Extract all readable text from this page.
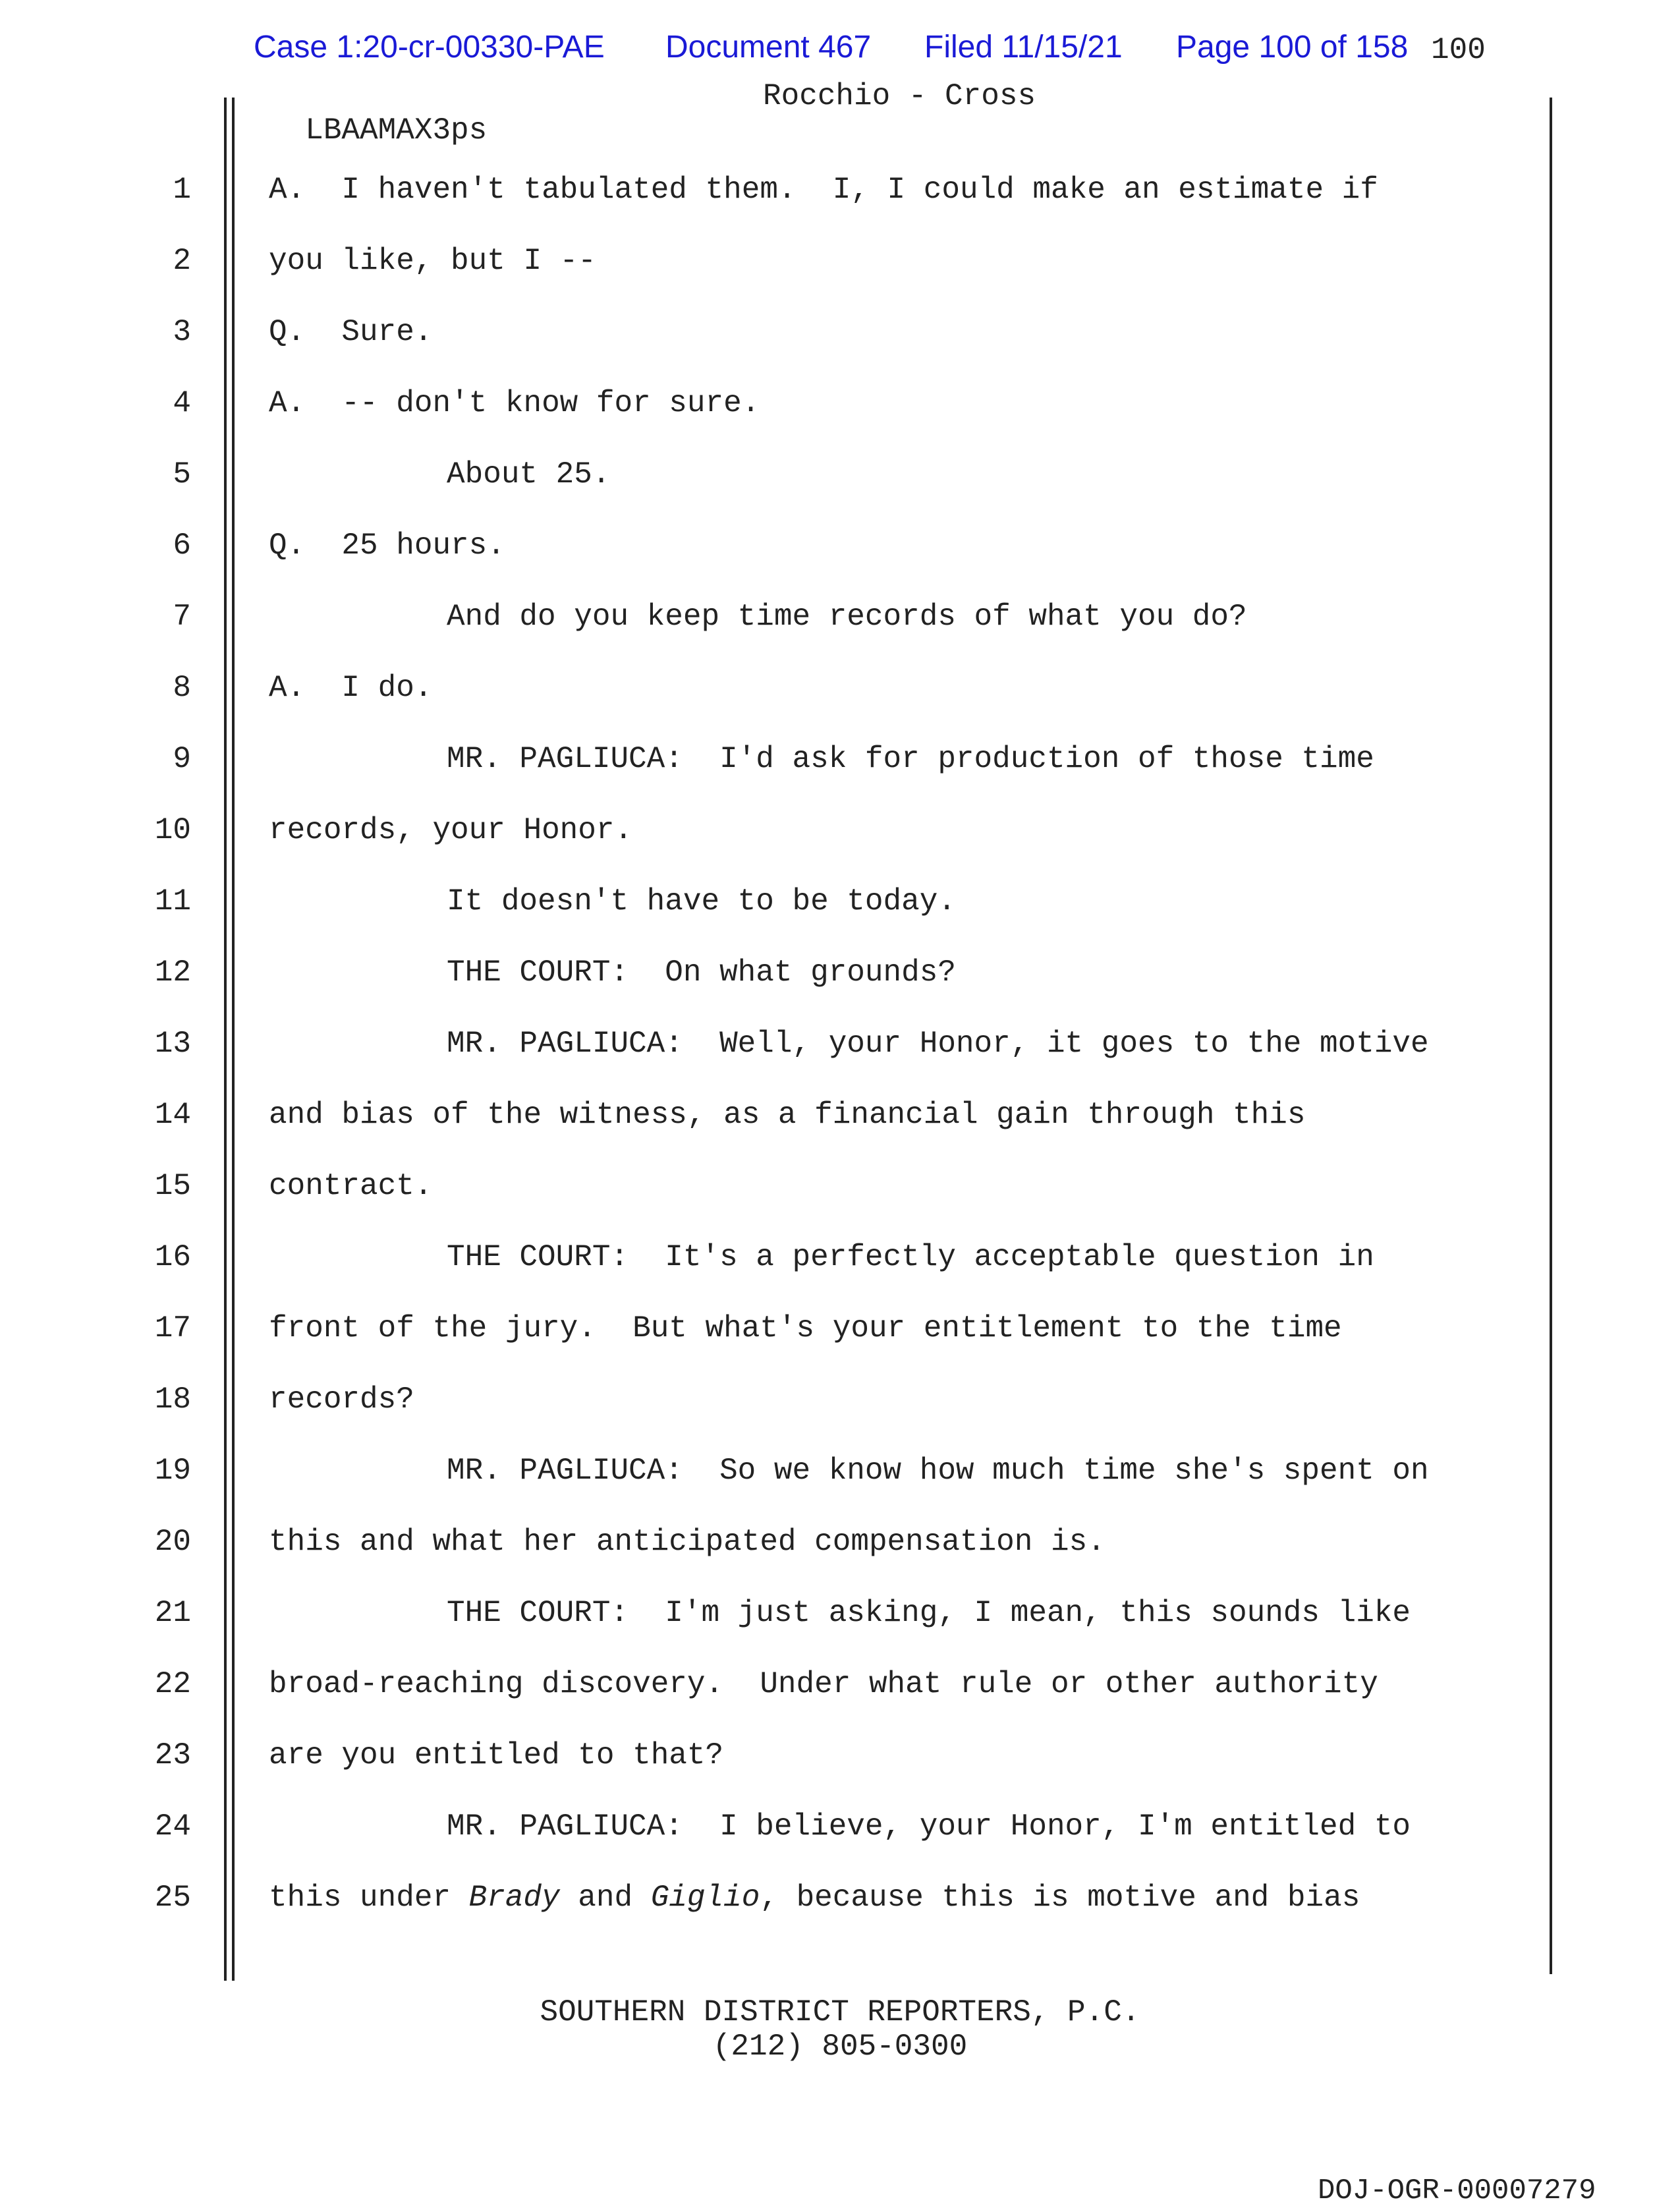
Case 1:20-cr-00330-PAE Document 467 Filed 11/15/21 Page 100 of 158 100

LBAAMAX3ps

Rocchio - Cross

1	A.  I haven't tabulated them.  I, I could make an estimate if
2	you like, but I --
3	Q.  Sure.
4	A.  -- don't know for sure.
5	About 25.
6	Q.  25 hours.
7	And do you keep time records of what you do?
8	A.  I do.
9	MR. PAGLIUCA:  I'd ask for production of those time
10	records, your Honor.
11	It doesn't have to be today.
12	THE COURT:  On what grounds?
13	MR. PAGLIUCA:  Well, your Honor, it goes to the motive
14	and bias of the witness, as a financial gain through this
15	contract.
16	THE COURT:  It's a perfectly acceptable question in
17	front of the jury.  But what's your entitlement to the time
18	records?
19	MR. PAGLIUCA:  So we know how much time she's spent on
20	this and what her anticipated compensation is.
21	THE COURT:  I'm just asking, I mean, this sounds like
22	broad-reaching discovery.  Under what rule or other authority
23	are you entitled to that?
24	MR. PAGLIUCA:  I believe, your Honor, I'm entitled to
25	this under Brady and Giglio, because this is motive and bias
SOUTHERN DISTRICT REPORTERS, P.C.
(212) 805-0300
DOJ-OGR-00007279
